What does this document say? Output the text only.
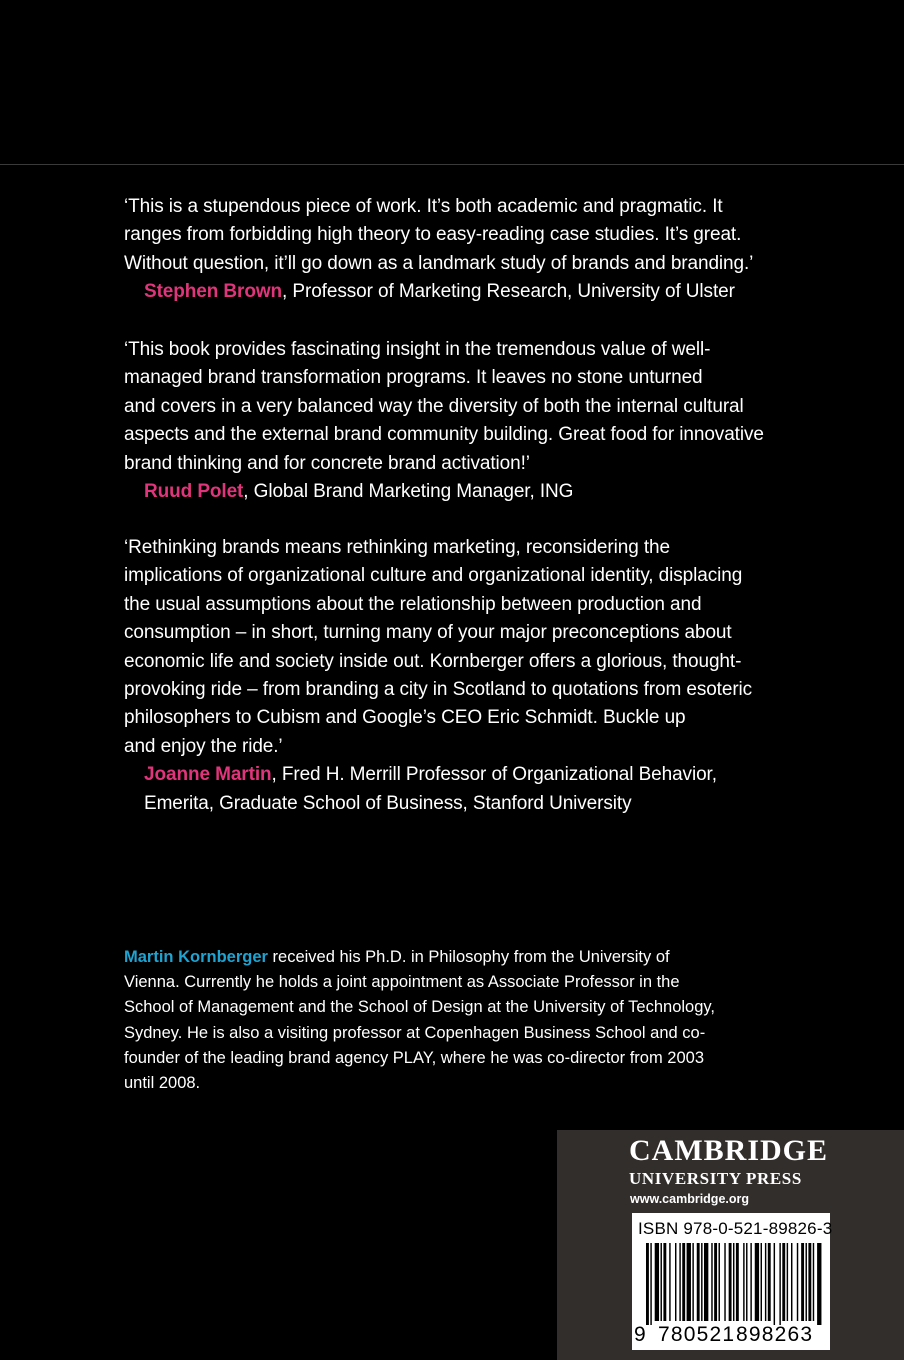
‘This is a stupendous piece of work. It’s both academic and pragmatic. It
ranges from forbidding high theory to easy-reading case studies. It’s great.
Without question, it’ll go down as a landmark study of brands and branding.’
Stephen Brown, Professor of Marketing Research, University of Ulster
‘This book provides fascinating insight in the tremendous value of well-
managed brand transformation programs. It leaves no stone unturned
and covers in a very balanced way the diversity of both the internal cultural
aspects and the external brand community building. Great food for innovative
brand thinking and for concrete brand activation!’
Ruud Polet, Global Brand Marketing Manager, ING
‘Rethinking brands means rethinking marketing, reconsidering the
implications of organizational culture and organizational identity, displacing
the usual assumptions about the relationship between production and
consumption – in short, turning many of your major preconceptions about
economic life and society inside out. Kornberger offers a glorious, thought-
provoking ride – from branding a city in Scotland to quotations from esoteric
philosophers to Cubism and Google’s CEO Eric Schmidt. Buckle up
and enjoy the ride.’
Joanne Martin, Fred H. Merrill Professor of Organizational Behavior,
Emerita, Graduate School of Business, Stanford University
Martin Kornberger received his Ph.D. in Philosophy from the University of
Vienna. Currently he holds a joint appointment as Associate Professor in the
School of Management and the School of Design at the University of Technology,
Sydney. He is also a visiting professor at Copenhagen Business School and co-
founder of the leading brand agency PLAY, where he was co-director from 2003
until 2008.
CAMBRIDGE
UNIVERSITY PRESS
www.cambridge.org
ISBN 978-0-521-89826-3
9 780521 898263
